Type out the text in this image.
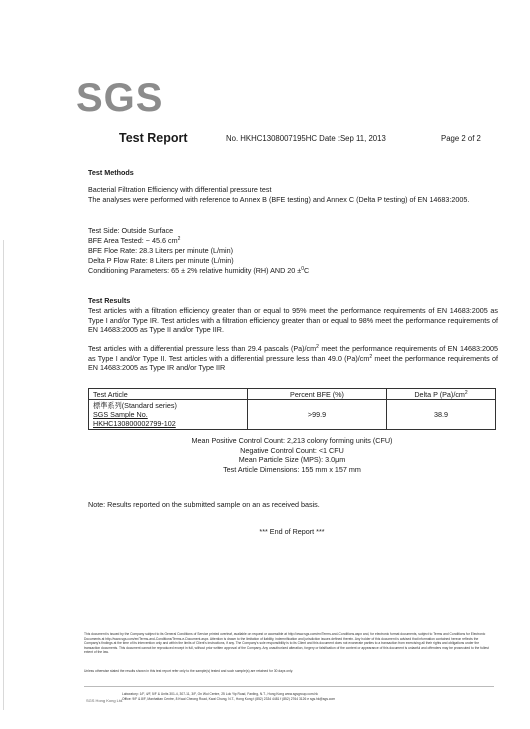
SGS
Test Report	No. HKHC1308007195HC Date :Sep 11, 2013	Page 2 of 2
Test Methods
Bacterial Filtration Efficiency with differential pressure test
The analyses were performed with reference to Annex B (BFE testing) and Annex C (Delta P testing) of EN 14683:2005.
Test Side: Outside Surface
BFE Area Tested: ~ 45.6 $cm^2$
BFE Floe Rate: 28.3 Liters per minute (L/min)
Delta P Flow Rate: 8 Liters per minute (L/min)
Conditioning Parameters: 65 ± 2% relative humidity (RH) AND 20 ±$^0$C
Test Results
Test articles with a filtration efficiency greater than or equal to 95% meet the performance requirements of EN 14683:2005 as Type I and/or Type IR. Test articles with a filtration efficiency greater than or equal to 98% meet the performance requirements of EN 14683:2005 as Type II and/or Type IIR.
Test articles with a differential pressure less than 29.4 pascals $(Pa)/cm^2$ meet the performance requirements of EN 14683:2005 as Type I and/or Type II. Test articles with a differential pressure less than 49.0 $(Pa)/cm^2$ meet the performance requirements of EN 14683:2005 as Type IR and/or Type IIR
Test Article	Percent BFE (%)	Delta P $(Pa)/cm^2$

標準系列(Standard series)
SGS Sample No.
HKHC130800002799-102	>99.9	38.9
Mean Positive Control Count: 2,213 colony forming units (CFU)
Negative Control Count: <1 CFU
Mean Particle Size (MPS): 3.0μm
Test Article Dimensions: 155 mm x 157 mm
Note: Results reported on the submitted sample on an as received basis.
*** End of Report ***
This document is issued by the Company subject to its General Conditions of Service printed overleaf, available on request or accessible at http://www.sgs.com/en/Terms-and-Conditions.aspx and, for electronic format documents, subject to Terms and Conditions for Electronic Documents at http://www.sgs.com/en/Terms-and-Conditions/Terms-e-Document.aspx. Attention is drawn to the limitation of liability, indemnification and jurisdiction issues defined therein. Any holder of this document is advised that information contained hereon reflects the Company's findings at the time of its intervention only and within the limits of Client's instructions, if any. The Company's sole responsibility is to its Client and this document does not exonerate parties to a transaction from exercising all their rights and obligations under the transaction documents. This document cannot be reproduced except in full, without prior written approval of the Company. Any unauthorized alteration, forgery or falsification of the content or appearance of this document is unlawful and offenders may be prosecuted to the fullest extent of the law.
Unless otherwise stated the results shown in this test report refer only to the sample(s) tested and such sample(s) are retained for 30 days only.
SGS Hong Kong Ltd.
Laboratory: 1/F, 4/F, 5/F & Units 301-4, 307-11, 3/F, On Wui Centre, 25 Lok Yip Road, Fanling, N.T., Hong Kong www.sgsgroup.com.hk
Office: 9/F & 8/F, Manhattan Centre, 8 Kwai Cheong Road, Kwai Chung, N.T., Hong Kong t (852) 2334 4481 f (852) 2764 3126 e sgs.hk@sgs.com
